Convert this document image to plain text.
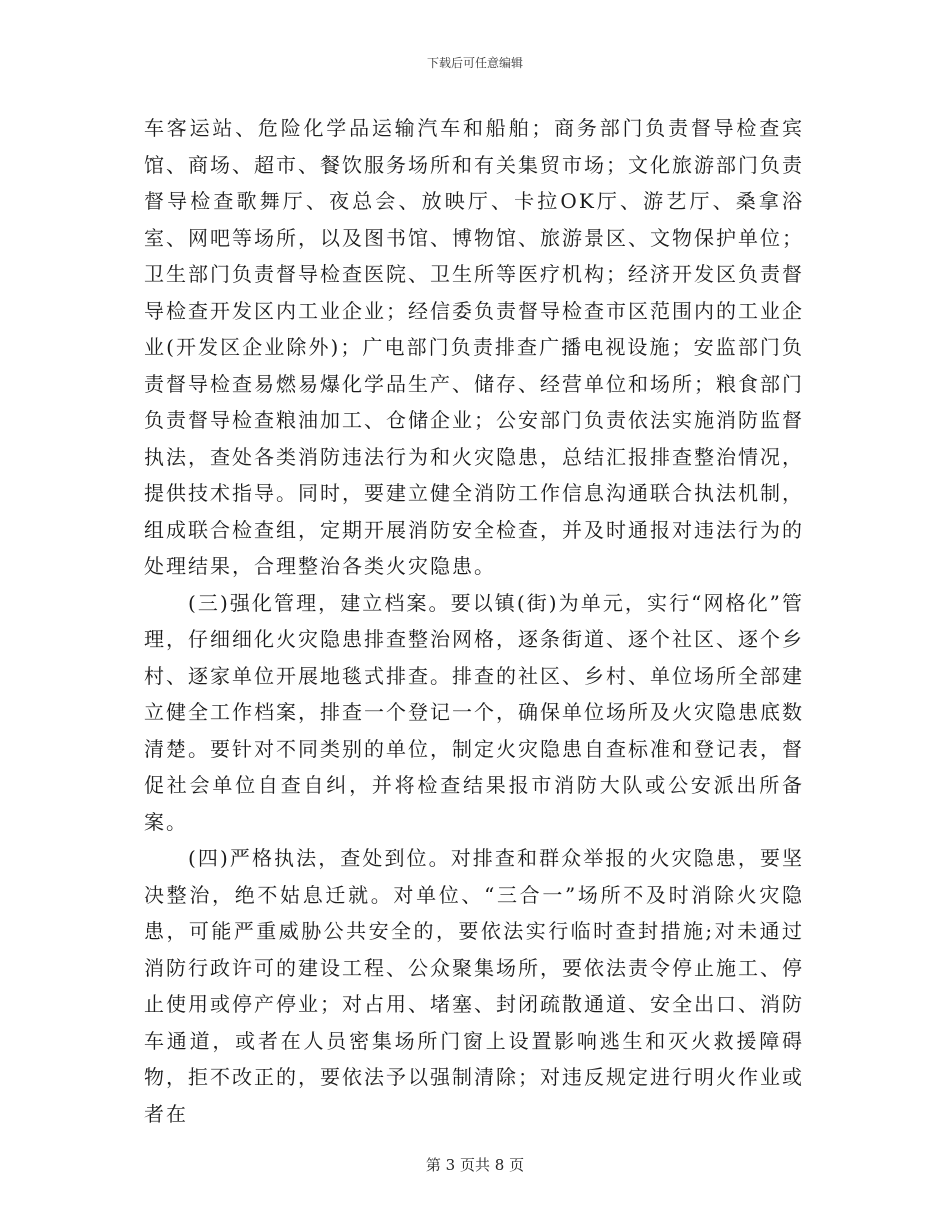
下载后可任意编辑

车客运站、危险化学品运输汽车和船舶；商务部门负责督导检查宾馆、商场、超市、餐饮服务场所和有关集贸市场；文化旅游部门负责督导检查歌舞厅、夜总会、放映厅、卡拉OK厅、游艺厅、桑拿浴室、网吧等场所，以及图书馆、博物馆、旅游景区、文物保护单位；卫生部门负责督导检查医院、卫生所等医疗机构；经济开发区负责督导检查开发区内工业企业；经信委负责督导检查市区范围内的工业企业(开发区企业除外)；广电部门负责排查广播电视设施；安监部门负责督导检查易燃易爆化学品生产、储存、经营单位和场所；粮食部门负责督导检查粮油加工、仓储企业；公安部门负责依法实施消防监督执法，查处各类消防违法行为和火灾隐患，总结汇报排查整治情况，提供技术指导。同时，要建立健全消防工作信息沟通联合执法机制，组成联合检查组，定期开展消防安全检查，并及时通报对违法行为的处理结果，合理整治各类火灾隐患。

(三)强化管理，建立档案。要以镇(街)为单元，实行“网格化”管理，仔细细化火灾隐患排查整治网格，逐条街道、逐个社区、逐个乡村、逐家单位开展地毯式排查。排查的社区、乡村、单位场所全部建立健全工作档案，排查一个登记一个，确保单位场所及火灾隐患底数清楚。要针对不同类别的单位，制定火灾隐患自查标准和登记表，督促社会单位自查自纠，并将检查结果报市消防大队或公安派出所备案。

(四)严格执法，查处到位。对排查和群众举报的火灾隐患，要坚决整治，绝不姑息迁就。对单位、“三合一”场所不及时消除火灾隐患，可能严重威胁公共安全的，要依法实行临时查封措施;对未通过消防行政许可的建设工程、公众聚集场所，要依法责令停止施工、停止使用或停产停业；对占用、堵塞、封闭疏散通道、安全出口、消防车通道，或者在人员密集场所门窗上设置影响逃生和灭火救援障碍物，拒不改正的，要依法予以强制清除；对违反规定进行明火作业或者在

第 3 页共 8 页
